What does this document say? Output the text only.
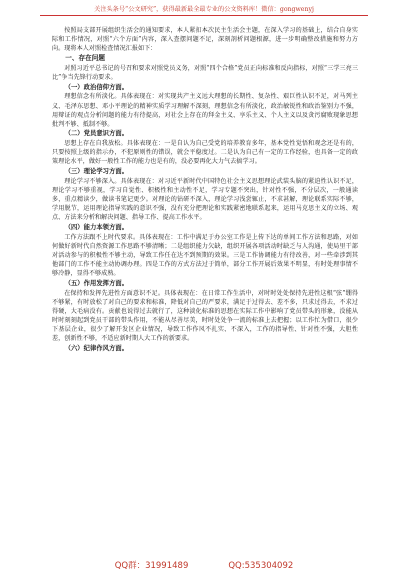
关注头条号“公文研究”，获得最新最全最专业的公文资料库！微信：gongwenyj

按照局支部开展组织生活会的通知要求，本人紧扣本次民主生活会主题，在深入学习的基础上，结合自身实际和工作情况，对照“六个方面”内容，深入查摆问题不足，深刻剖析问题根源，进一步明确整改措施和努力方向。现将本人对照检查情况汇报如下：

一、存在问题

对照习近平总书记的号召和要求对照党员义务，对照“四个合格”党员正向标准和反向指标，对照“三学三亮三比”争当先锋行动要求。

（一）政治信仰方面。

理想信念有所淡化。具体表现在：对实现共产主义远大理想的长期性、复杂性、艰巨性认识不足，对马列主义、毛泽东思想、邓小平理论的精神实质学习理解不深刻，理想信念有所淡化，政治敏锐性和政治鉴别力不强，用辩证的观点分析问题的能力有待提高，对社会上存在的拜金主义、享乐主义、个人主义以及贪污腐败现象思想批判不够、抵制不够。

（二）党员意识方面。

思想上存在自我放松。具体表现在：一是自认为自己受党的培养教育多年，基本党性觉悟和观念还是有的，只要按照上级的指示办，不犯原则性的错误，就会平稳度过。二是认为自己有一定的工作经验，也具备一定的政策理论水平，做好一般性工作的能力也是有的，没必要再化大力气去搞学习。

（三）理论学习方面。

理论学习不够深入。具体表现在：对习近平新时代中国特色社会主义思想理论武装头脑的紧迫性认识不足，理论学习不够重视，学习自觉性、积极性和主动性不足，学习专题不突出，针对性不强，不分层次，一般通读多，重点精读少，做读书笔记更少。对理论的钻研不深入，理论学习浅尝辄止，不求甚解，理论联系实际不够，学用脱节，运用理论指导实践的意识不强，没有充分把理论和实践紧密地联系起来，运用马克思主义的立场、观点、方法来分析和解决问题、指导工作、提高工作水平。

（四）能力本领方面。

工作方法跟不上时代要求。具体表现在：工作中满足于办公室工作是上传下达的单间工作方法和思路，对如何做好新时代自然资源工作思路不够清晰；二是组织能力欠缺，组织开展各项活动时缺乏与人沟通，使局里干部对活动参与的积极性不够主动，导致工作任在达不到预期的效果。三是工作协调能力有待改善，对一些牵涉到其他部门的工作不能主动协调办理。四是工作的方式方法过于简单，部分工作开展后效果不明显，有时处理事情不够冷静，显得不够成熟。

（五）作用发挥方面。

在保持和发挥先进性方面意识不足。具体表现在：在日常工作生活中，对时时处处保持先进性这根“弦”绷得不够紧，有时放松了对自己的要求和标准，降低对自己的严要求，满足于过得去、差不多，只求过得去，不求过得硬，大毛病没有。贡献也说得过去就行了，这种淡化标准的思想在实际工作中影响了党员带头的形象，没能从时时刻刻起到党员干部的带头作用，不能从尽善尽美，时时处处争一流的标准上去把握；以工作忙为借口，很少下基层企业，很少了解开发区企业情况，导致工作作风不扎实、不深入，工作的指导性、针对性不强，大胆性差，创新性不够，不适应新时期人大工作的新要求。

（六）纪律作风方面。
QQ群：31991489	QQ:535304092
